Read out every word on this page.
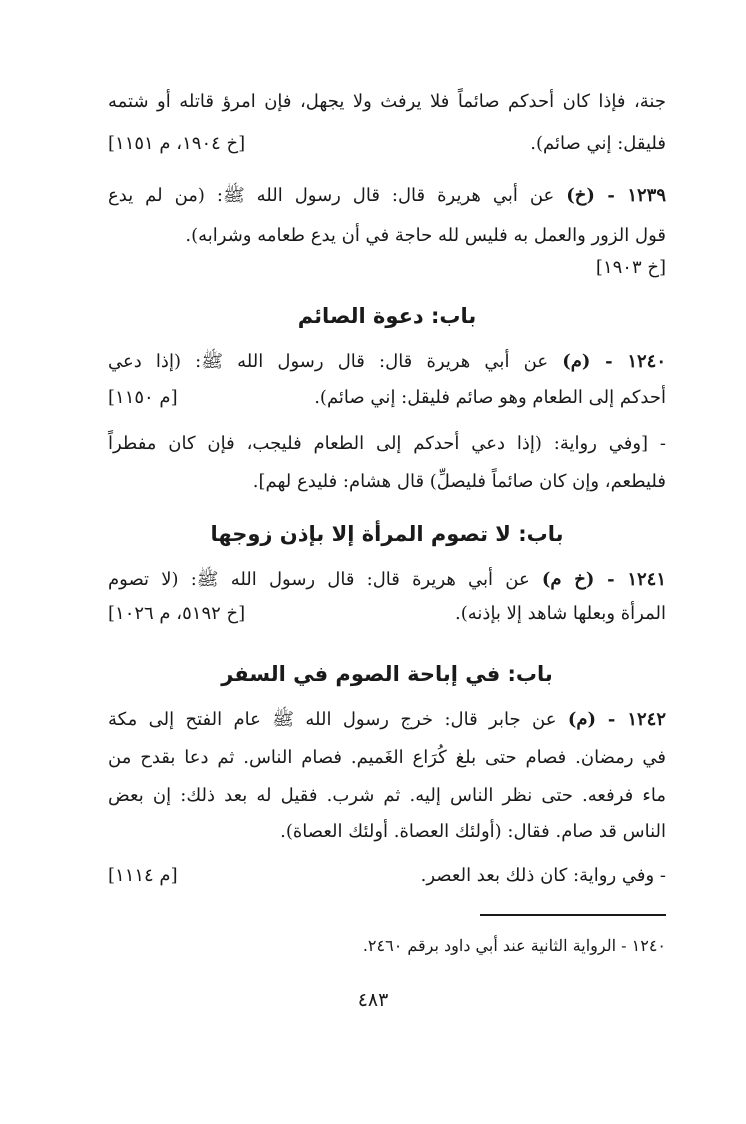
جنة، فإذا كان أحدكم صائماً فلا يرفث ولا يجهل، فإن امرؤ قاتله أو شتمه
فليقل: إني صائم).
[خ ١٩٠٤، م ١١٥١]
١٢٣٩ - (خ) عن أبي هريرة قال: قال رسول الله ﷺ: (من لم يدع
قول الزور والعمل به فليس لله حاجة في أن يدع طعامه وشرابه).
[خ ١٩٠٣]
باب: دعوة الصائم
١٢٤٠ - (م) عن أبي هريرة قال: قال رسول الله ﷺ: (إذا دعي
أحدكم إلى الطعام وهو صائم فليقل: إني صائم).
[م ١١٥٠]
- [وفي رواية: (إذا دعي أحدكم إلى الطعام فليجب، فإن كان مفطراً
فليطعم، وإن كان صائماً فليصلِّ) قال هشام: فليدع لهم].
باب: لا تصوم المرأة إلا بإذن زوجها
١٢٤١ - (خ م) عن أبي هريرة قال: قال رسول الله ﷺ: (لا تصوم
المرأة وبعلها شاهد إلا بإذنه).
[خ ٥١٩٢، م ١٠٢٦]
باب: في إباحة الصوم في السفر
١٢٤٢ - (م) عن جابر قال: خرج رسول الله ﷺ عام الفتح إلى مكة
في رمضان. فصام حتى بلغ كُرَاع الغَميم. فصام الناس. ثم دعا بقدح من
ماء فرفعه. حتى نظر الناس إليه. ثم شرب. فقيل له بعد ذلك: إن بعض
الناس قد صام. فقال: (أولئك العصاة. أولئك العصاة).
- وفي رواية: كان ذلك بعد العصر.
[م ١١١٤]
١٢٤٠ - الرواية الثانية عند أبي داود برقم ٢٤٦٠.
٤٨٣
